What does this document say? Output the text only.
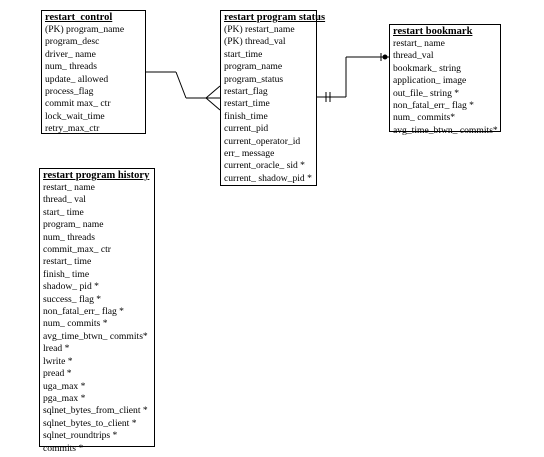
restart_control
(PK) program_name
program_desc
driver_ name
num_ threads
update_ allowed
process_flag
commit max_ ctr
lock_wait_time
retry_max_ctr
restart program status
(PK) restart_name
(PK) thread_val
start_time
program_name
program_status
restart_flag
restart_time
finish_time
current_pid
current_operator_id
err_ message
current_oracle_ sid *
current_ shadow_pid *
restart bookmark
restart_ name
thread_val
bookmark_ string
application_ image
out_file_ string *
non_fatal_err_ flag *
num_ commits*
avg_time_btwn_ commits*
restart program history
restart_ name
thread_ val
start_ time
program_ name
num_ threads
commit_max_ ctr
restart_ time
finish_ time
shadow_ pid *
success_ flag *
non_fatal_err_ flag *
num_ commits *
avg_time_btwn_ commits*
lread *
lwrite *
pread *
uga_max *
pga_max *
sqlnet_bytes_from_client *
sqlnet_bytes_to_client *
sqlnet_roundtrips *
commits *
